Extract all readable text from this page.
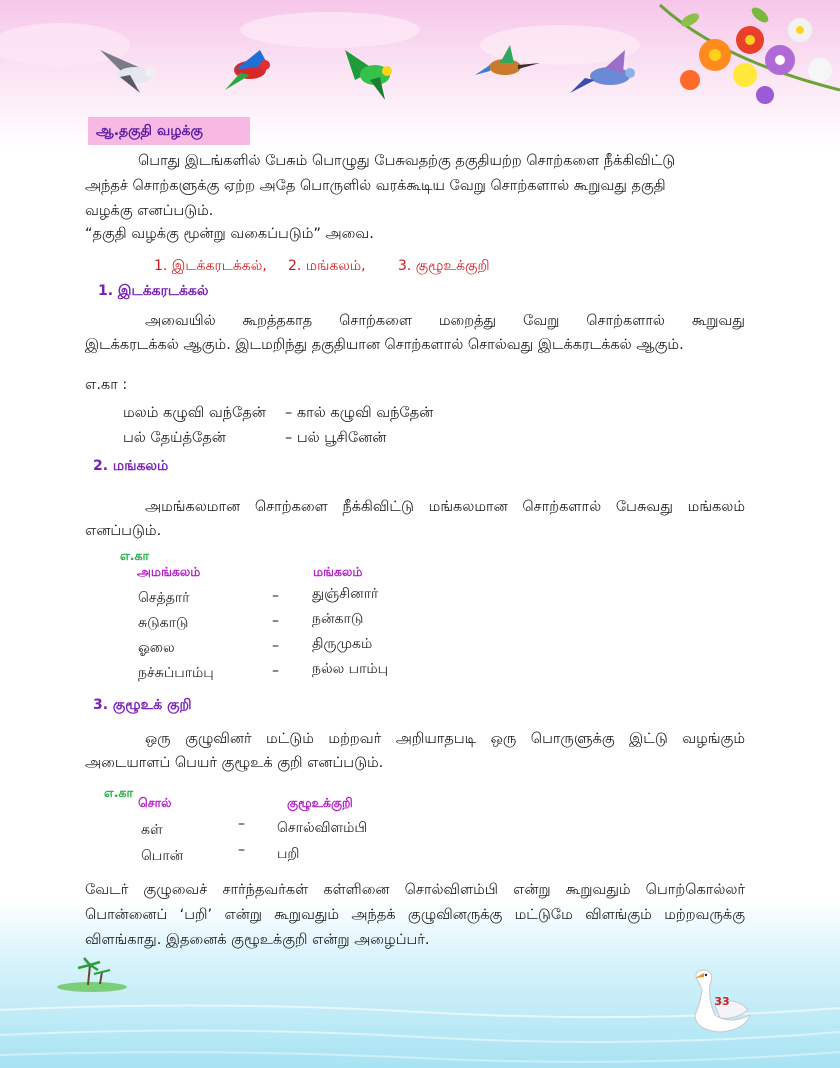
ஆ.தகுதி வழக்கு
பொது இடங்களில் பேசும் பொழுது பேசுவதற்கு தகுதியற்ற சொற்களை நீக்கிவிட்டு
அந்தச் சொற்களுக்கு ஏற்ற அதே பொருளில் வரக்கூடிய வேறு சொற்களால் கூறுவது தகுதி
வழக்கு எனப்படும்.
“தகுதி வழக்கு மூன்று வகைப்படும்” அவை.
1. இடக்கரடக்கல், 2. மங்கலம், 3. குழூஉக்குறி
1. இடக்கரடக்கல்
அவையில் கூறத்தகாத சொற்களை மறைத்து வேறு சொற்களால் கூறுவது
இடக்கரடக்கல் ஆகும். இடமறிந்து தகுதியான சொற்களால் சொல்வது இடக்கரடக்கல் ஆகும்.
எ.கா :
மலம் கழுவி வந்தேன் – கால் கழுவி வந்தேன்
பல் தேய்த்தேன்	– பல் பூசினேன்
2. மங்கலம்
அமங்கலமான சொற்களை நீக்கிவிட்டு மங்கலமான சொற்களால் பேசுவது மங்கலம்
எனப்படும்.
எ.கா
அமங்கலம்	மங்கலம்
செத்தார்	– துஞ்சினார்
சுடுகாடு	– நன்காடு
ஓலை	– திருமுகம்
நச்சுப்பாம்பு	– நல்ல பாம்பு
3. குழூஉக் குறி
ஒரு குழுவினர் மட்டும் மற்றவர் அறியாதபடி ஒரு பொருளுக்கு இட்டு வழங்கும்
அடையாளப் பெயர் குழூஉக் குறி எனப்படும்.
எ.கா
சொல்	குழூஉக்குறி
கள்	– சொல்விளம்பி
பொன்	– பறி
வேடர் குழுவைச் சார்ந்தவர்கள் கள்ளினை சொல்விளம்பி என்று கூறுவதும் பொற்கொல்லர்
பொன்னைப் ‘பறி’ என்று கூறுவதும் அந்தக் குழுவினருக்கு மட்டுமே விளங்கும் மற்றவருக்கு
விளங்காது. இதனைக் குழூஉக்குறி என்று அழைப்பர்.
33
